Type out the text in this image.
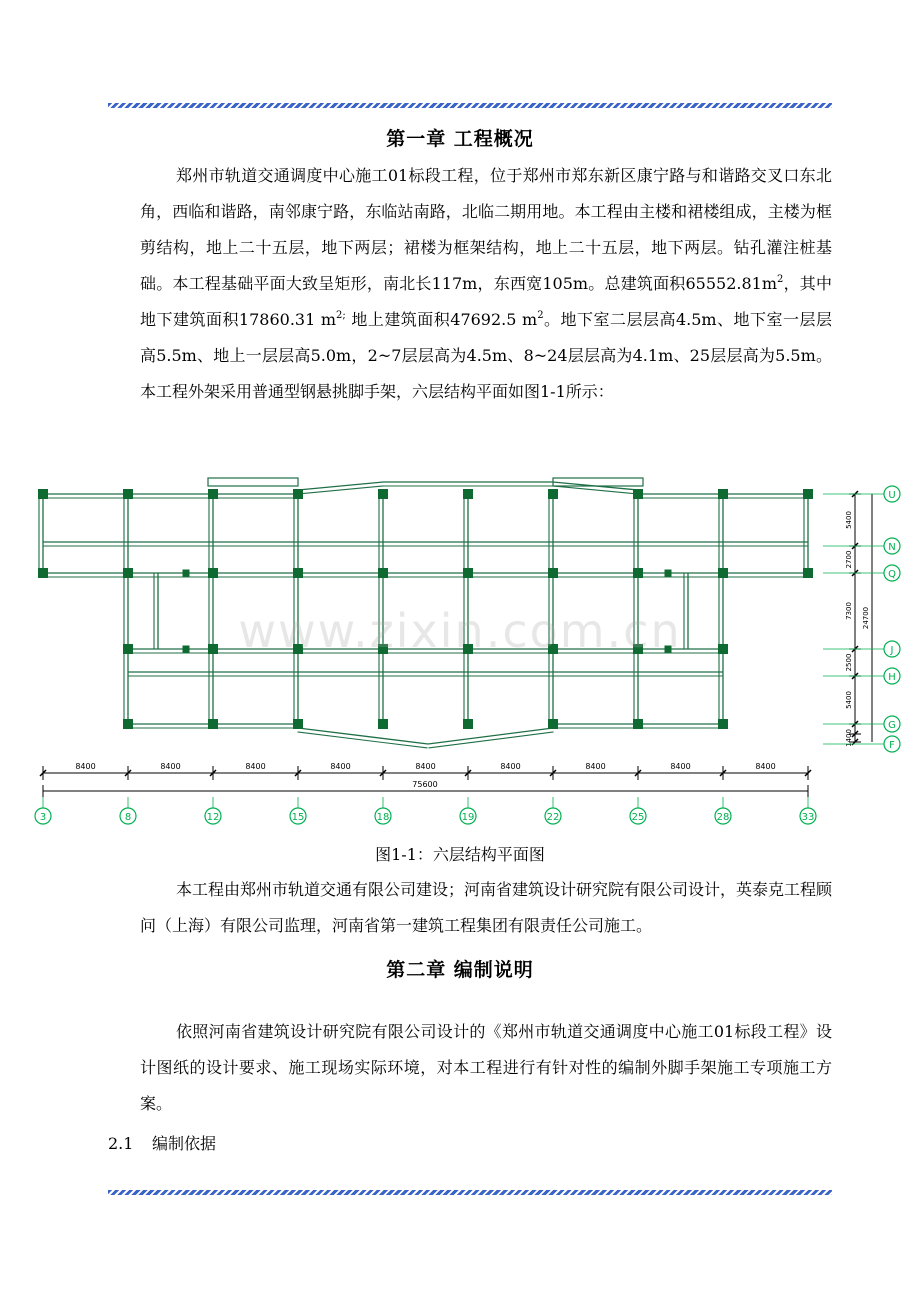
第一章 工程概况

郑州市轨道交通调度中心施工01标段工程，位于郑州市郑东新区康宁路与和谐路交叉口东北角，西临和谐路，南邻康宁路，东临站南路，北临二期用地。本工程由主楼和裙楼组成，主楼为框剪结构，地上二十五层，地下两层；裙楼为框架结构，地上二十五层，地下两层。钻孔灌注桩基础。本工程基础平面大致呈矩形，南北长117m，东西宽105m。总建筑面积$65552.81m^2$，其中地下建筑面积17860.31 $m^{2;}$ 地上建筑面积47692.5 $m^2$。地下室二层层高4.5m、地下室一层层高5.5m、地上一层层高5.0m，2~7层层高为4.5m、8~24层层高为4.1m、25层层高为5.5m。本工程外架采用普通型钢悬挑脚手架，六层结构平面如图1-1所示：

8400	8400	8400	8400	8400	8400	8400	8400	8400
75600
5400
2700
7300
2500
5400
1400
24700
3	8	12	15	18	19	22	25	28	33
U
N
Q
J
H
G
F
www.zixin.com.cn
图1-1：六层结构平面图

本工程由郑州市轨道交通有限公司建设；河南省建筑设计研究院有限公司设计，英泰克工程顾问（上海）有限公司监理，河南省第一建筑工程集团有限责任公司施工。

第二章 编制说明

依照河南省建筑设计研究院有限公司设计的《郑州市轨道交通调度中心施工01标段工程》设计图纸的设计要求、施工现场实际环境，对本工程进行有针对性的编制外脚手架施工专项施工方案。

2.1 编制依据
